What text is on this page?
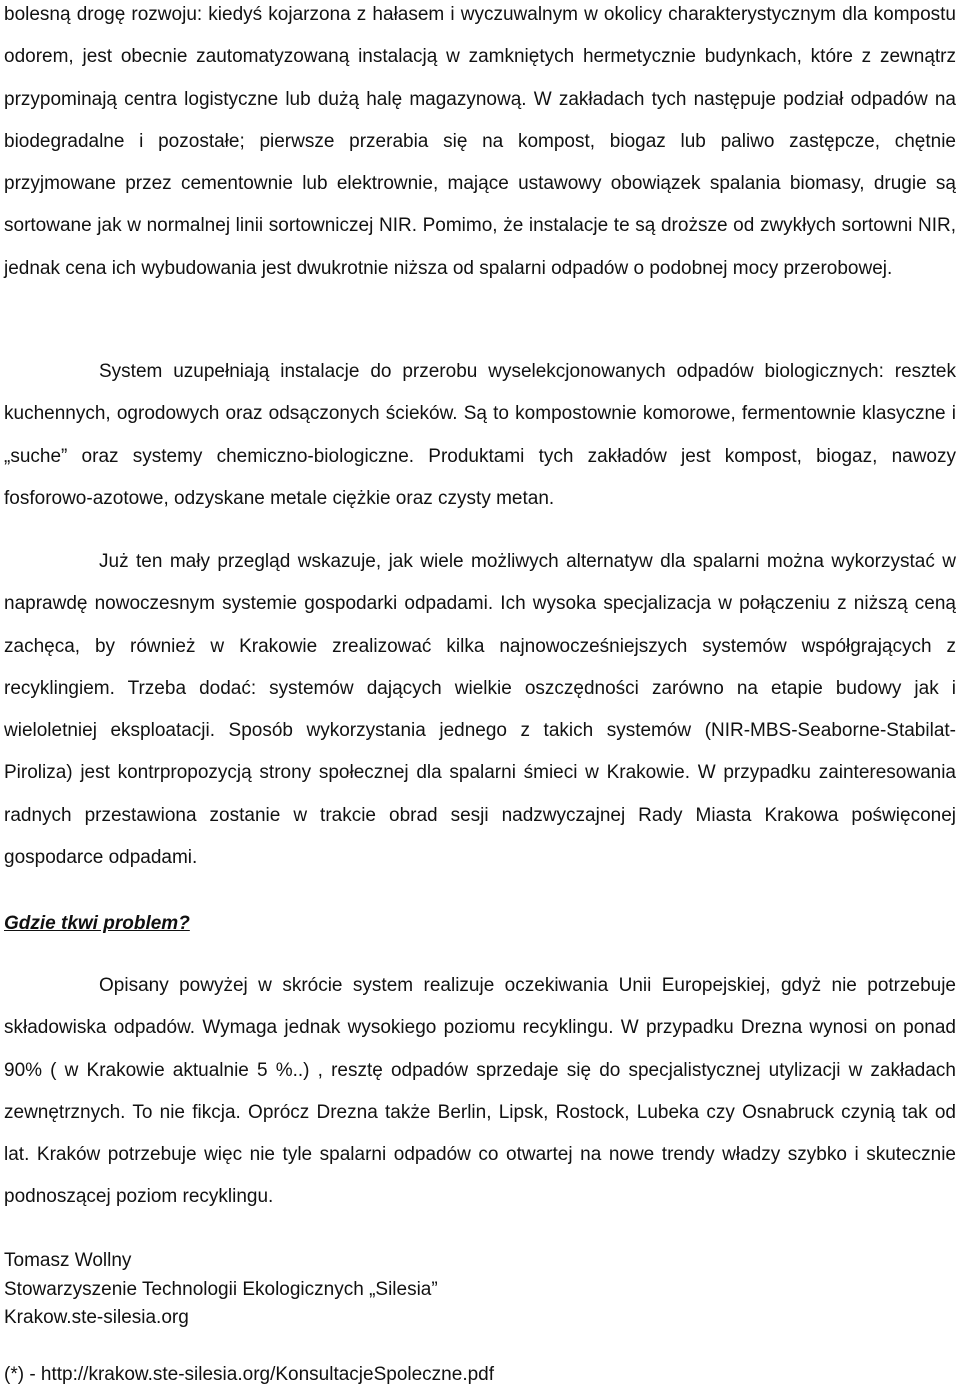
bolesną drogę rozwoju: kiedyś kojarzona z hałasem i wyczuwalnym w okolicy charakterystycznym dla kompostu odorem, jest obecnie zautomatyzowaną instalacją w zamkniętych hermetycznie budynkach, które z zewnątrz przypominają centra logistyczne lub dużą halę magazynową. W zakładach tych następuje podział odpadów na biodegradalne i pozostałe; pierwsze przerabia się na kompost, biogaz lub paliwo zastępcze, chętnie przyjmowane przez cementownie lub elektrownie, mające ustawowy obowiązek spalania biomasy, drugie są sortowane jak w normalnej linii sortowniczej NIR. Pomimo, że instalacje te są droższe od zwykłych sortowni NIR, jednak cena ich wybudowania jest dwukrotnie niższa od spalarni odpadów o podobnej mocy przerobowej.

System uzupełniają instalacje do przerobu wyselekcjonowanych odpadów biologicznych: resztek kuchennych, ogrodowych oraz odsączonych ścieków. Są to kompostownie komorowe, fermentownie klasyczne i „suche” oraz systemy chemiczno-biologiczne. Produktami tych zakładów jest kompost, biogaz, nawozy fosforowo-azotowe, odzyskane metale ciężkie oraz czysty metan.

Już ten mały przegląd wskazuje, jak wiele możliwych alternatyw dla spalarni można wykorzystać w naprawdę nowoczesnym systemie gospodarki odpadami. Ich wysoka specjalizacja w połączeniu z niższą ceną zachęca, by również w Krakowie zrealizować kilka najnowocześniejszych systemów współgrających z recyklingiem. Trzeba dodać: systemów dających wielkie oszczędności zarówno na etapie budowy jak i wieloletniej eksploatacji. Sposób wykorzystania jednego z takich systemów (NIR-MBS-Seaborne-Stabilat-Piroliza) jest kontrpropozycją strony społecznej dla spalarni śmieci w Krakowie. W przypadku zainteresowania radnych przestawiona zostanie w trakcie obrad sesji nadzwyczajnej Rady Miasta Krakowa poświęconej gospodarce odpadami.

Gdzie tkwi problem?

Opisany powyżej w skrócie system realizuje oczekiwania Unii Europejskiej, gdyż nie potrzebuje składowiska odpadów. Wymaga jednak wysokiego poziomu recyklingu. W przypadku Drezna wynosi on ponad 90% ( w Krakowie aktualnie 5 %..) , resztę odpadów sprzedaje się do specjalistycznej utylizacji w zakładach zewnętrznych. To nie fikcja. Oprócz Drezna także Berlin, Lipsk, Rostock, Lubeka czy Osnabruck czynią tak od lat. Kraków potrzebuje więc nie tyle spalarni odpadów co otwartej na nowe trendy władzy szybko i skutecznie podnoszącej poziom recyklingu.

Tomasz Wollny
Stowarzyszenie Technologii Ekologicznych „Silesia”
Krakow.ste-silesia.org
(*) - http://krakow.ste-silesia.org/KonsultacjeSpoleczne.pdf
